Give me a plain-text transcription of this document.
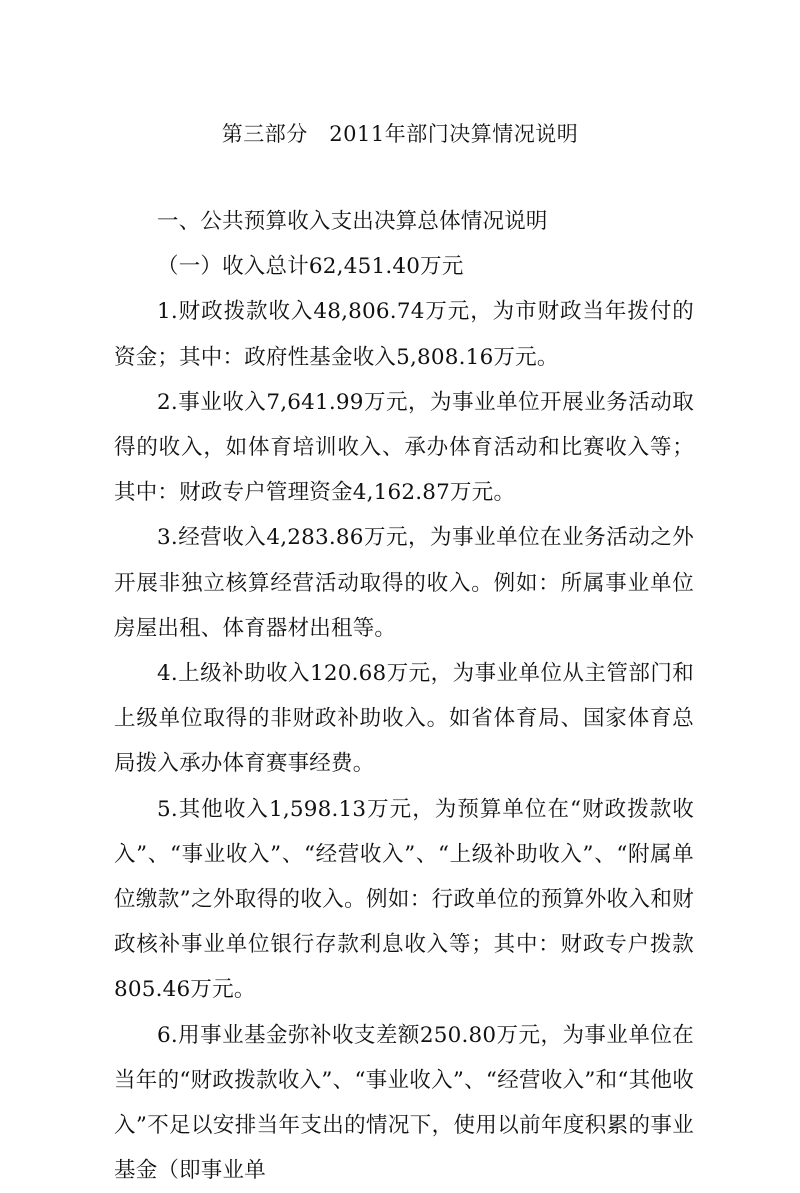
第三部分　2011年部门决算情况说明

一、公共预算收入支出决算总体情况说明

（一）收入总计62,451.40万元

1.财政拨款收入48,806.74万元，为市财政当年拨付的资金；其中：政府性基金收入5,808.16万元。

2.事业收入7,641.99万元，为事业单位开展业务活动取得的收入，如体育培训收入、承办体育活动和比赛收入等；其中：财政专户管理资金4,162.87万元。

3.经营收入4,283.86万元，为事业单位在业务活动之外开展非独立核算经营活动取得的收入。例如：所属事业单位房屋出租、体育器材出租等。

4.上级补助收入120.68万元，为事业单位从主管部门和上级单位取得的非财政补助收入。如省体育局、国家体育总局拨入承办体育赛事经费。

5.其他收入1,598.13万元，为预算单位在“财政拨款收入”、“事业收入”、“经营收入”、“上级补助收入”、“附属单位缴款”之外取得的收入。例如：行政单位的预算外收入和财政核补事业单位银行存款利息收入等；其中：财政专户拨款805.46万元。

6.用事业基金弥补收支差额250.80万元，为事业单位在当年的“财政拨款收入”、“事业收入”、“经营收入”和“其他收入”不足以安排当年支出的情况下，使用以前年度积累的事业基金（即事业单
